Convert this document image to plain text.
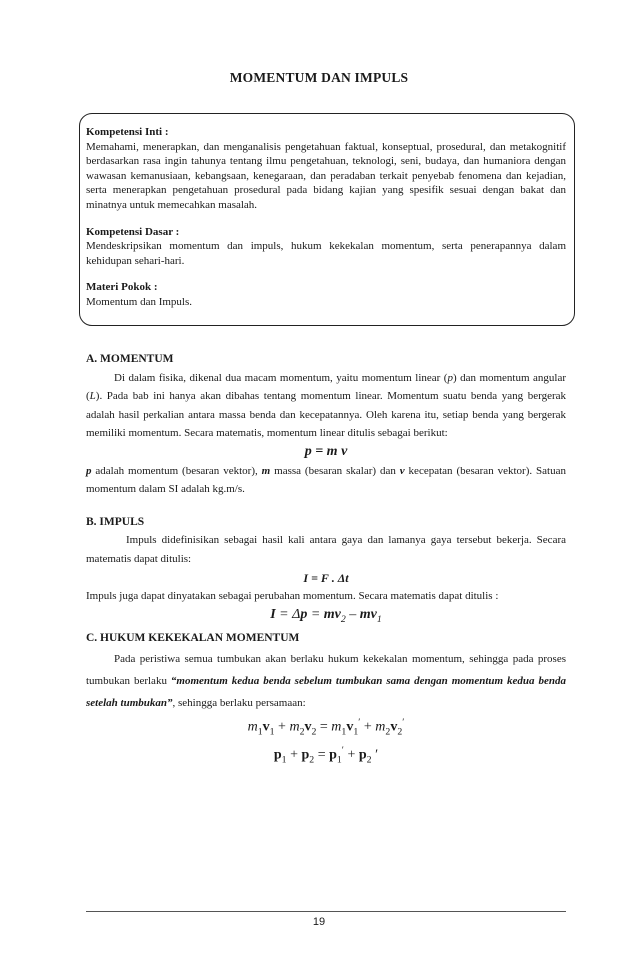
MOMENTUM DAN IMPULS

Kompetensi Inti :

Memahami, menerapkan, dan menganalisis pengetahuan faktual, konseptual, prosedural, dan metakognitif berdasarkan rasa ingin tahunya tentang ilmu pengetahuan, teknologi, seni, budaya, dan humaniora dengan wawasan kemanusiaan, kebangsaan, kenegaraan, dan peradaban terkait penyebab fenomena dan kejadian, serta menerapkan pengetahuan prosedural pada bidang kajian yang spesifik sesuai dengan bakat dan minatnya untuk memecahkan masalah.

Kompetensi Dasar :

Mendeskripsikan momentum dan impuls, hukum kekekalan momentum, serta penerapannya dalam kehidupan sehari-hari.

Materi Pokok :

Momentum dan Impuls.

A. MOMENTUM

Di dalam fisika, dikenal dua macam momentum, yaitu momentum linear (p) dan momentum angular (L). Pada bab ini hanya akan dibahas tentang momentum linear. Momentum suatu benda yang bergerak adalah hasil perkalian antara massa benda dan kecepatannya. Oleh karena itu, setiap benda yang bergerak memiliki momentum. Secara matematis, momentum linear ditulis sebagai berikut:

p = m v

p adalah momentum (besaran vektor), m massa (besaran skalar) dan v kecepatan (besaran vektor). Satuan momentum dalam SI adalah kg.m/s.

B. IMPULS

Impuls didefinisikan sebagai hasil kali antara gaya dan lamanya gaya tersebut bekerja. Secara matematis dapat ditulis:

I = F . Δt

Impuls juga dapat dinyatakan sebagai perubahan momentum. Secara matematis dapat ditulis :

$I = \Delta p = mv_2 - mv_1$

C. HUKUM KEKEKALAN MOMENTUM

Pada peristiwa semua tumbukan akan berlaku hukum kekekalan momentum, sehingga pada proses tumbukan berlaku “momentum kedua benda sebelum tumbukan sama dengan momentum kedua benda setelah tumbukan”, sehingga berlaku persamaan:

$m_1v_1 + m_2v_2 = m_1v_1' + m_2v_2'$

$p_1 + p_2 = p_1' + p_2$ ′

19
